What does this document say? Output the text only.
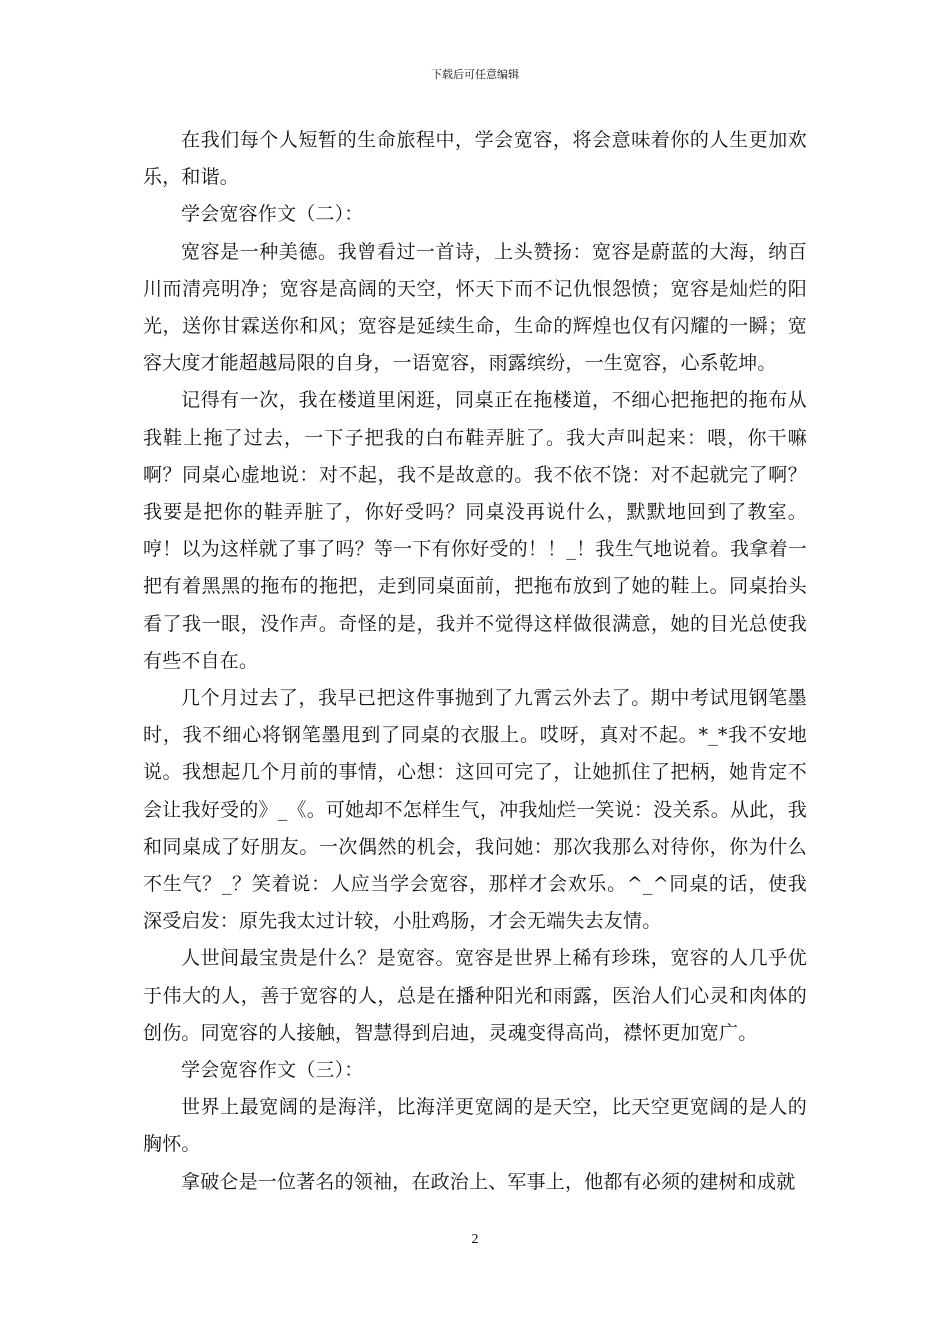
下载后可任意编辑

在我们每个人短暂的生命旅程中，学会宽容，将会意味着你的人生更加欢乐，和谐。

学会宽容作文（二）：

宽容是一种美德。我曾看过一首诗，上头赞扬：宽容是蔚蓝的大海，纳百川而清亮明净；宽容是高阔的天空，怀天下而不记仇恨怨愤；宽容是灿烂的阳光，送你甘霖送你和风；宽容是延续生命，生命的辉煌也仅有闪耀的一瞬；宽容大度才能超越局限的自身，一语宽容，雨露缤纷，一生宽容，心系乾坤。

记得有一次，我在楼道里闲逛，同桌正在拖楼道，不细心把拖把的拖布从我鞋上拖了过去，一下子把我的白布鞋弄脏了。我大声叫起来：喂，你干嘛啊？同桌心虚地说：对不起，我不是故意的。我不依不饶：对不起就完了啊？我要是把你的鞋弄脏了，你好受吗？同桌没再说什么，默默地回到了教室。哼！以为这样就了事了吗？等一下有你好受的！！_！我生气地说着。我拿着一把有着黑黑的拖布的拖把，走到同桌面前，把拖布放到了她的鞋上。同桌抬头看了我一眼，没作声。奇怪的是，我并不觉得这样做很满意，她的目光总使我有些不自在。

几个月过去了，我早已把这件事抛到了九霄云外去了。期中考试甩钢笔墨时，我不细心将钢笔墨甩到了同桌的衣服上。哎呀，真对不起。*_*我不安地说。我想起几个月前的事情，心想：这回可完了，让她抓住了把柄，她肯定不会让我好受的》_《。可她却不怎样生气，冲我灿烂一笑说：没关系。从此，我和同桌成了好朋友。一次偶然的机会，我问她：那次我那么对待你，你为什么不生气？_？笑着说：人应当学会宽容，那样才会欢乐。^_^同桌的话，使我深受启发：原先我太过计较，小肚鸡肠，才会无端失去友情。

人世间最宝贵是什么？是宽容。宽容是世界上稀有珍珠，宽容的人几乎优于伟大的人，善于宽容的人，总是在播种阳光和雨露，医治人们心灵和肉体的创伤。同宽容的人接触，智慧得到启迪，灵魂变得高尚，襟怀更加宽广。

学会宽容作文（三）：

世界上最宽阔的是海洋，比海洋更宽阔的是天空，比天空更宽阔的是人的胸怀。

拿破仑是一位著名的领袖，在政治上、军事上，他都有必须的建树和成就

2
